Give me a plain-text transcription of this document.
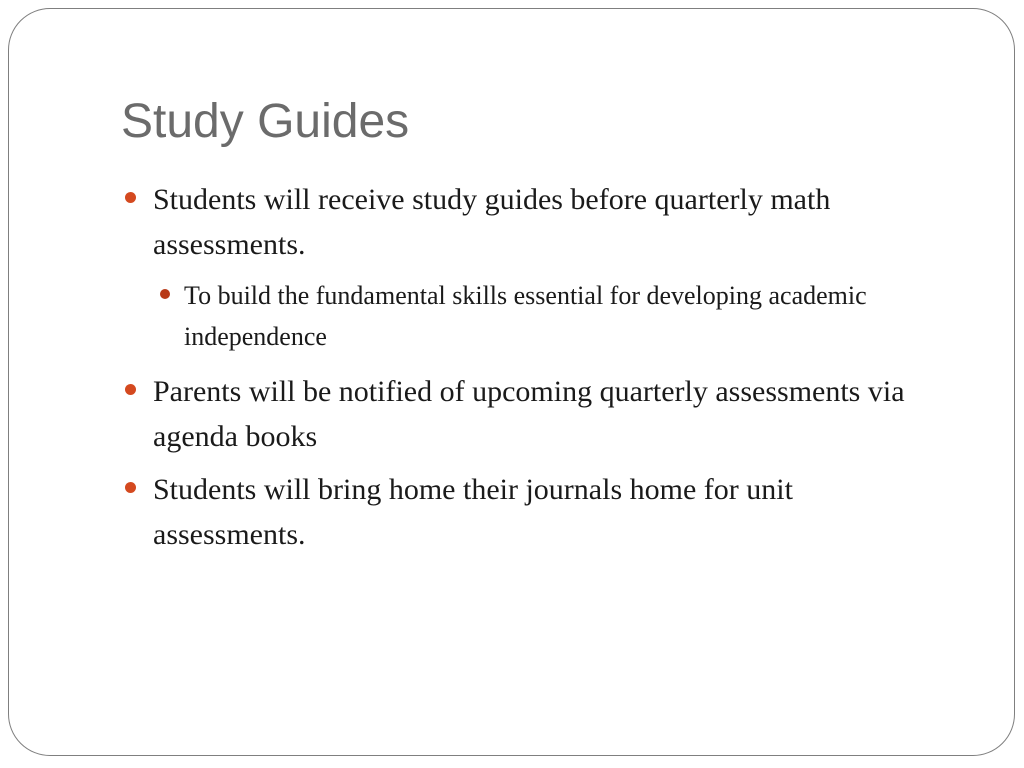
Study Guides
Students will receive study guides before quarterly math assessments.
To build the fundamental skills essential for developing academic independence
Parents will be notified of upcoming quarterly assessments via agenda books
Students will bring home their journals home for unit assessments.
